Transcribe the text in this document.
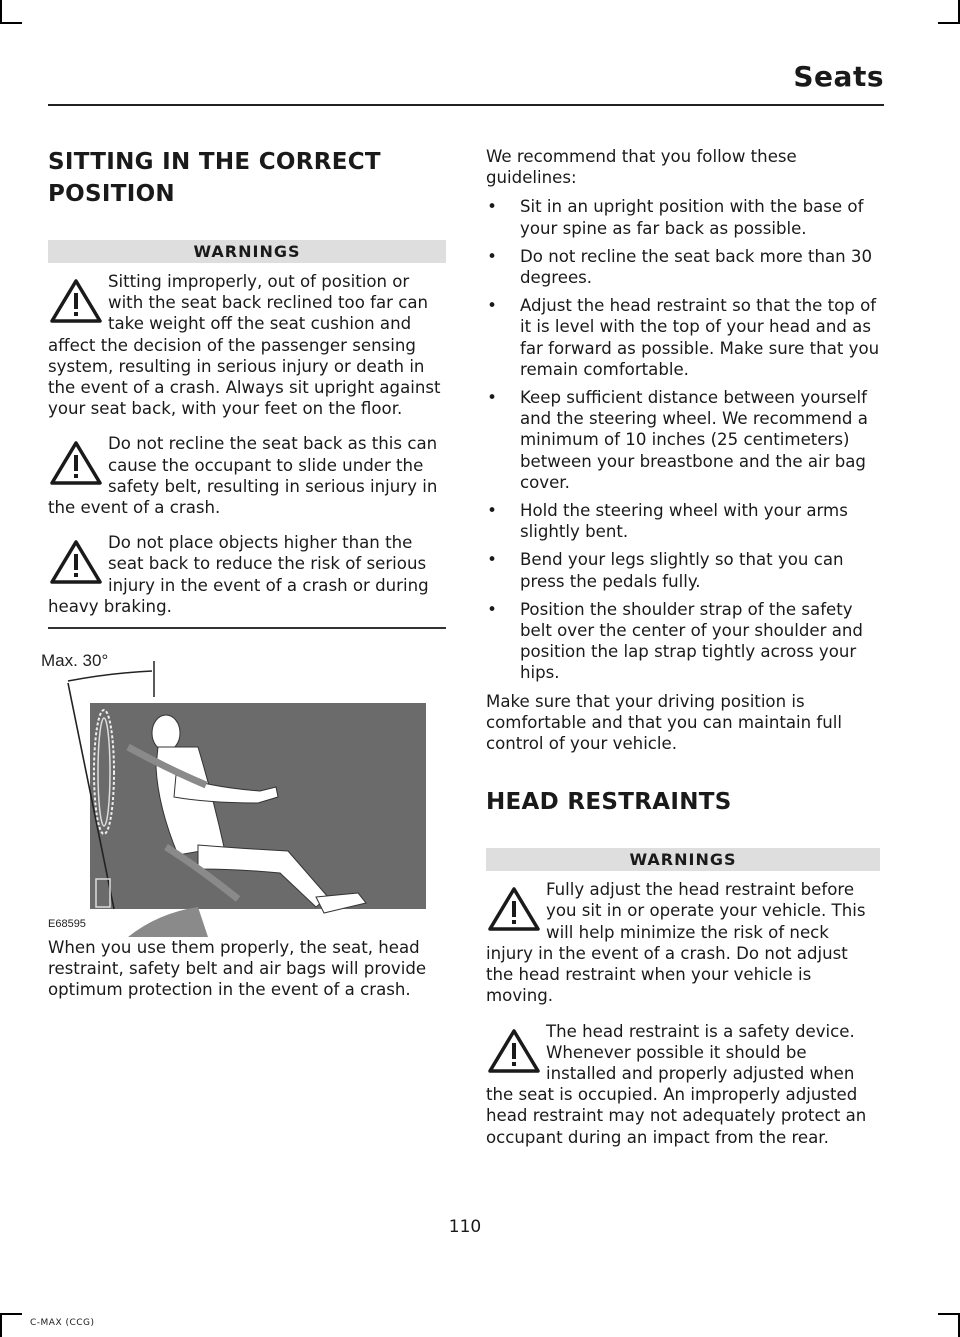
Seats
SITTING IN THE CORRECT
POSITION
WARNINGS

Sitting improperly, out of position or with the seat back reclined too far can take weight off the seat cushion and affect the decision of the passenger sensing system, resulting in serious injury or death in the event of a crash. Always sit upright against your seat back, with your feet on the floor.

Do not recline the seat back as this can cause the occupant to slide under the safety belt, resulting in serious injury in the event of a crash.

Do not place objects higher than the seat back to reduce the risk of serious injury in the event of a crash or during heavy braking.

Max. 30°
E68595

When you use them properly, the seat, head restraint, safety belt and air bags will provide optimum protection in the event of a crash.

We recommend that you follow these guidelines:

• Sit in an upright position with the base of your spine as far back as possible.
• Do not recline the seat back more than 30 degrees.
• Adjust the head restraint so that the top of it is level with the top of your head and as far forward as possible. Make sure that you remain comfortable.
• Keep sufficient distance between yourself and the steering wheel. We recommend a minimum of 10 inches (25 centimeters) between your breastbone and the air bag cover.
• Hold the steering wheel with your arms slightly bent.
• Bend your legs slightly so that you can press the pedals fully.
• Position the shoulder strap of the safety belt over the center of your shoulder and position the lap strap tightly across your hips.

Make sure that your driving position is comfortable and that you can maintain full control of your vehicle.

HEAD RESTRAINTS
WARNINGS

Fully adjust the head restraint before you sit in or operate your vehicle. This will help minimize the risk of neck injury in the event of a crash. Do not adjust the head restraint when your vehicle is moving.

The head restraint is a safety device. Whenever possible it should be installed and properly adjusted when the seat is occupied. An improperly adjusted head restraint may not adequately protect an occupant during an impact from the rear.

110
C-MAX (CCG)
